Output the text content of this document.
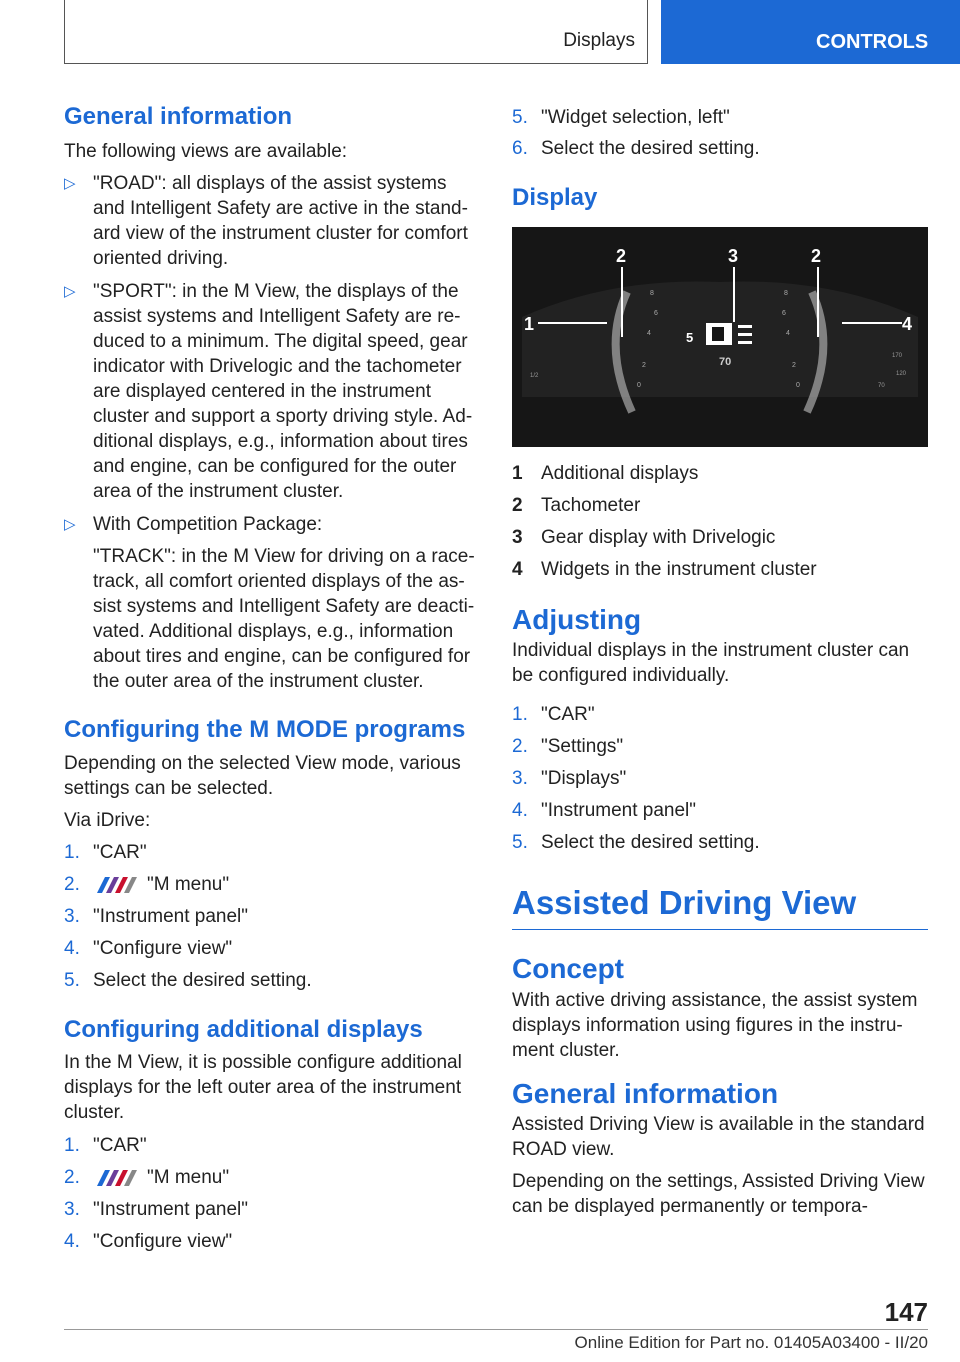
Displays	CONTROLS
General information

The following views are available:

▷ "ROAD": all displays of the assist systems and Intelligent Safety are active in the standard view of the instrument cluster for comfort oriented driving.
▷ "SPORT": in the M View, the displays of the assist systems and Intelligent Safety are reduced to a minimum. The digital speed, gear indicator with Drivelogic and the tachometer are displayed centered in the instrument cluster and support a sporty driving style. Additional displays, e.g., information about tires and engine, can be configured for the outer area of the instrument cluster.
▷ With Competition Package:
"TRACK": in the M View for driving on a racetrack, all comfort oriented displays of the assist systems and Intelligent Safety are deactivated. Additional displays, e.g., information about tires and engine, can be configured for the outer area of the instrument cluster.
Configuring the M MODE programs

Depending on the selected View mode, various settings can be selected.

Via iDrive:

1. "CAR"
2.	"M menu"
3. "Instrument panel"
4. "Configure view"
5. Select the desired setting.
Configuring additional displays

In the M View, it is possible configure additional displays for the left outer area of the instrument cluster.

1. "CAR"
2.	"M menu"
3. "Instrument panel"
4. "Configure view"
5. "Widget selection, left"
6. Select the desired setting.
Display
8
6
4
2
0
8
6
4
2
0
5
70
2	3	2
1	4
1/2
170
120
70
1 Additional displays
2 Tachometer
3 Gear display with Drivelogic
4 Widgets in the instrument cluster
Adjusting

Individual displays in the instrument cluster can be configured individually.

1. "CAR"
2. "Settings"
3. "Displays"
4. "Instrument panel"
5. Select the desired setting.
Assisted Driving View
Concept

With active driving assistance, the assist system displays information using figures in the instrument cluster.

General information

Assisted Driving View is available in the standard ROAD view.

Depending on the settings, Assisted Driving View can be displayed permanently or tempora-

147
Online Edition for Part no. 01405A03400 - II/20
